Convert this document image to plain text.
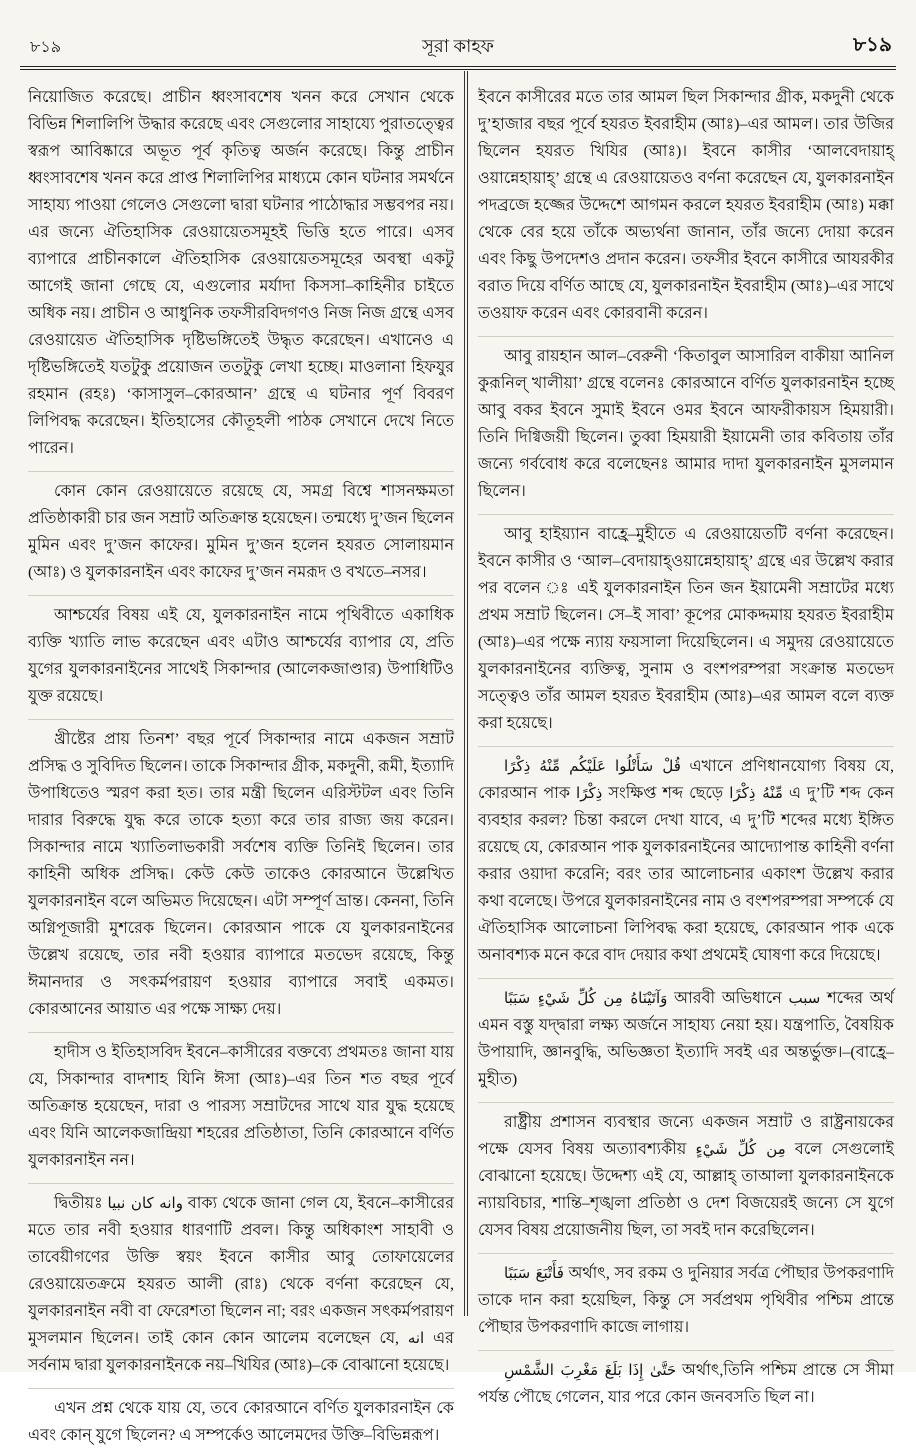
৮১৯	সূরা কাহফ	৮১৯

নিয়োজিত করেছে। প্রাচীন ধ্বংসাবশেষ খনন করে সেখান থেকে বিভিন্ন শিলালিপি উদ্ধার করেছে এবং সেগুলোর সাহায্যে পুরাতত্ত্বের স্বরূপ আবিষ্কারে অভূত পূর্ব কৃতিত্ব অর্জন করেছে। কিন্তু প্রাচীন ধ্বংসাবশেষ খনন করে প্রাপ্ত শিলালিপির মাধ্যমে কোন ঘটনার সমর্থনে সাহায্য পাওয়া গেলেও সেগুলো দ্বারা ঘটনার পাঠোদ্ধার সম্ভবপর নয়। এর জন্যে ঐতিহাসিক রেওয়ায়েতসমূহই ভিত্তি হতে পারে। এসব ব্যাপারে প্রাচীনকালে ঐতিহাসিক রেওয়ায়েতসমূহের অবস্থা একটু আগেই জানা গেছে যে, এগুলোর মর্যাদা কিসসা–কাহিনীর চাইতে অধিক নয়। প্রাচীন ও আধুনিক তফসীরবিদগণও নিজ নিজ গ্রন্থে এসব রেওয়ায়েত ঐতিহাসিক দৃষ্টিভঙ্গিতেই উদ্ধৃত করেছেন। এখানেও এ দৃষ্টিভঙ্গিতেই যতটুকু প্রয়োজন ততটুকু লেখা হচ্ছে। মাওলানা হিফযুর রহমান (রহঃ) ‘কাসাসুল–কোরআন’ গ্রন্থে এ ঘটনার পূর্ণ বিবরণ লিপিবদ্ধ করেছেন। ইতিহাসের কৌতূহলী পাঠক সেখানে দেখে নিতে পারেন।

কোন কোন রেওয়ায়েতে রয়েছে যে, সমগ্র বিশ্বে শাসনক্ষমতা প্রতিষ্ঠাকারী চার জন সম্রাট অতিক্রান্ত হয়েছেন। তন্মধ্যে দু’জন ছিলেন মুমিন এবং দু’জন কাফের। মুমিন দু’জন হলেন হযরত সোলায়মান (আঃ) ও যুলকারনাইন এবং কাফের দু’জন নমরূদ ও বখতে–নসর।

আশ্চর্যের বিষয় এই যে, যুলকারনাইন নামে পৃথিবীতে একাধিক ব্যক্তি খ্যাতি লাভ করেছেন এবং এটাও আশ্চর্যের ব্যাপার যে, প্রতি যুগের যুলকারনাইনের সাথেই সিকান্দার (আলেকজাণ্ডার) উপাধিটিও যুক্ত রয়েছে।

খ্রীষ্টের প্রায় তিনশ’ বছর পূর্বে সিকান্দার নামে একজন সম্রাট প্রসিদ্ধ ও সুবিদিত ছিলেন। তাকে সিকান্দার গ্রীক, মকদুনী, রূমী, ইত্যাদি উপাধিতেও স্মরণ করা হত। তার মন্ত্রী ছিলেন এরিস্টটল এবং তিনি দারার বিরুদ্ধে যুদ্ধ করে তাকে হত্যা করে তার রাজ্য জয় করেন। সিকান্দার নামে খ্যাতিলাভকারী সর্বশেষ ব্যক্তি তিনিই ছিলেন। তার কাহিনী অধিক প্রসিদ্ধ। কেউ কেউ তাকেও কোরআনে উল্লেখিত যুলকারনাইন বলে অভিমত দিয়েছেন। এটা সম্পূর্ণ ভ্রান্ত। কেননা, তিনি অগ্নিপূজারী মুশরেক ছিলেন। কোরআন পাকে যে যুলকারনাইনের উল্লেখ রয়েছে, তার নবী হওয়ার ব্যাপারে মতভেদ রয়েছে, কিন্তু ঈমানদার ও সৎকর্মপরায়ণ হওয়ার ব্যাপারে সবাই একমত। কোরআনের আয়াত এর পক্ষে সাক্ষ্য দেয়।

হাদীস ও ইতিহাসবিদ ইবনে–কাসীরের বক্তব্যে প্রথমতঃ জানা যায় যে, সিকান্দার বাদশাহ যিনি ঈসা (আঃ)–এর তিন শত বছর পূর্বে অতিক্রান্ত হয়েছেন, দারা ও পারস্য সম্রাটদের সাথে যার যুদ্ধ হয়েছে এবং যিনি আলেকজান্দ্রিয়া শহরের প্রতিষ্ঠাতা, তিনি কোরআনে বর্ণিত যুলকারনাইন নন।

দ্বিতীয়ঃ وانه كان نبيا বাক্য থেকে জানা গেল যে, ইবনে–কাসীরের মতে তার নবী হওয়ার ধারণাটি প্রবল। কিন্তু অধিকাংশ সাহাবী ও তাবেয়ীগণের উক্তি স্বয়ং ইবনে কাসীর আবু তোফায়েলের রেওয়ায়েতক্রমে হযরত আলী (রাঃ) থেকে বর্ণনা করেছেন যে, যুলকারনাইন নবী বা ফেরেশতা ছিলেন না; বরং একজন সৎকর্মপরায়ণ মুসলমান ছিলেন। তাই কোন কোন আলেম বলেছেন যে, انه এর সর্বনাম দ্বারা যুলকারনাইনকে নয়–খিযির (আঃ)–কে বোঝানো হয়েছে।

এখন প্রশ্ন থেকে যায় যে, তবে কোরআনে বর্ণিত যুলকারনাইন কে এবং কোন্ যুগে ছিলেন? এ সম্পর্কেও আলেমদের উক্তি–বিভিন্নরূপ।

ইবনে কাসীরের মতে তার আমল ছিল সিকান্দার গ্রীক, মকদুনী থেকে দু’হাজার বছর পূর্বে হযরত ইবরাহীম (আঃ)–এর আমল। তার উজির ছিলেন হযরত খিযির (আঃ)। ইবনে কাসীর ‘আলবেদায়াহ্ ওয়ান্নেহায়াহ্’ গ্রন্থে এ রেওয়ায়েতও বর্ণনা করেছেন যে, যুলকারনাইন পদব্রজে হজ্জের উদ্দেশে আগমন করলে হযরত ইবরাহীম (আঃ) মক্কা থেকে বের হয়ে তাঁকে অভ্যর্থনা জানান, তাঁর জন্যে দোয়া করেন এবং কিছু উপদেশও প্রদান করেন। তফসীর ইবনে কাসীরে আযরকীর বরাত দিয়ে বর্ণিত আছে যে, যুলকারনাইন ইবরাহীম (আঃ)–এর সাথে তওয়াফ করেন এবং কোরবানী করেন।

আবু রায়হান আল–বেরুনী ‘কিতাবুল আসারিল বাকীয়া আনিল কুরূনিল্ খালীয়া’ গ্রন্থে বলেনঃ কোরআনে বর্ণিত যুলকারনাইন হচ্ছে আবু বকর ইবনে সুমাই ইবনে ওমর ইবনে আফরীকায়স হিময়ারী। তিনি দিগ্বিজয়ী ছিলেন। তুব্বা হিময়ারী ইয়ামেনী তার কবিতায় তাঁর জন্যে গর্ববোধ করে বলেছেনঃ আমার দাদা যুলকারনাইন মুসলমান ছিলেন।

আবু হাইয়্যান বাহ্রে–মুহীতে এ রেওয়ায়েতটি বর্ণনা করেছেন। ইবনে কাসীর ও ‘আল–বেদায়াহ্ওয়ান্নেহায়াহ্’ গ্রন্থে এর উল্লেখ করার পর বলেন ঃ এই যুলকারনাইন তিন জন ইয়ামেনী সম্রাটের মধ্যে প্রথম সম্রাট ছিলেন। সে–ই সাবা’ কূপের মোকদ্দমায় হযরত ইবরাহীম (আঃ)–এর পক্ষে ন্যায় ফয়সালা দিয়েছিলেন। এ সমুদয় রেওয়ায়েতে যুলকারনাইনের ব্যক্তিত্ব, সুনাম ও বংশপরম্পরা সংক্রান্ত মতভেদ সত্ত্বেও তাঁর আমল হযরত ইবরাহীম (আঃ)–এর আমল বলে ব্যক্ত করা হয়েছে।

قُلْ سَأَتْلُوا عَلَيْكُم مِّنْهُ ذِكْرًا এখানে প্রণিধানযোগ্য বিষয় যে, কোরআন পাক ذِكْرًا সংক্ষিপ্ত শব্দ ছেড়ে مِّنْهُ ذِكْرًا এ দু’টি শব্দ কেন ব্যবহার করল? চিন্তা করলে দেখা যাবে, এ দু’টি শব্দের মধ্যে ইঙ্গিত রয়েছে যে, কোরআন পাক যুলকারনাইনের আদ্যোপান্ত কাহিনী বর্ণনা করার ওয়াদা করেনি; বরং তার আলোচনার একাংশ উল্লেখ করার কথা বলেছে। উপরে যুলকারনাইনের নাম ও বংশপরম্পরা সম্পর্কে যে ঐতিহাসিক আলোচনা লিপিবদ্ধ করা হয়েছে, কোরআন পাক একে অনাবশ্যক মনে করে বাদ দেয়ার কথা প্রথমেই ঘোষণা করে দিয়েছে।

وَآتَيْنَاهُ مِن كُلِّ شَيْءٍ سَبَبًا আরবী অভিধানে سبب শব্দের অর্থ এমন বস্তু যদ্দ্বারা লক্ষ্য অর্জনে সাহায্য নেয়া হয়। যন্ত্রপাতি, বৈষয়িক উপায়াদি, জ্ঞানবুদ্ধি, অভিজ্ঞতা ইত্যাদি সবই এর অন্তর্ভুক্ত।–(বাহ্রে–মুহীত)

রাষ্ট্রীয় প্রশাসন ব্যবস্থার জন্যে একজন সম্রাট ও রাষ্ট্রনায়কের পক্ষে যেসব বিষয় অত্যাবশ্যকীয় مِن كُلِّ شَيْءٍ বলে সেগুলোই বোঝানো হয়েছে। উদ্দেশ্য এই যে, আল্লাহ্ তাআলা যুলকারনাইনকে ন্যায়বিচার, শান্তি–শৃঙ্খলা প্রতিষ্ঠা ও দেশ বিজয়েরই জন্যে সে যুগে যেসব বিষয় প্রয়োজনীয় ছিল, তা সবই দান করেছিলেন।

فَأَتْبَعَ سَبَبًا অর্থাৎ, সব রকম ও দুনিয়ার সর্বত্র পৌছার উপকরণাদি তাকে দান করা হয়েছিল, কিন্তু সে সর্বপ্রথম পৃথিবীর পশ্চিম প্রান্তে পৌছার উপকরণাদি কাজে লাগায়।

حَتَّىٰ إِذَا بَلَغَ مَغْرِبَ الشَّمْسِ অর্থাৎ,তিনি পশ্চিম প্রান্তে সে সীমা পর্যন্ত পৌছে গেলেন, যার পরে কোন জনবসতি ছিল না।
